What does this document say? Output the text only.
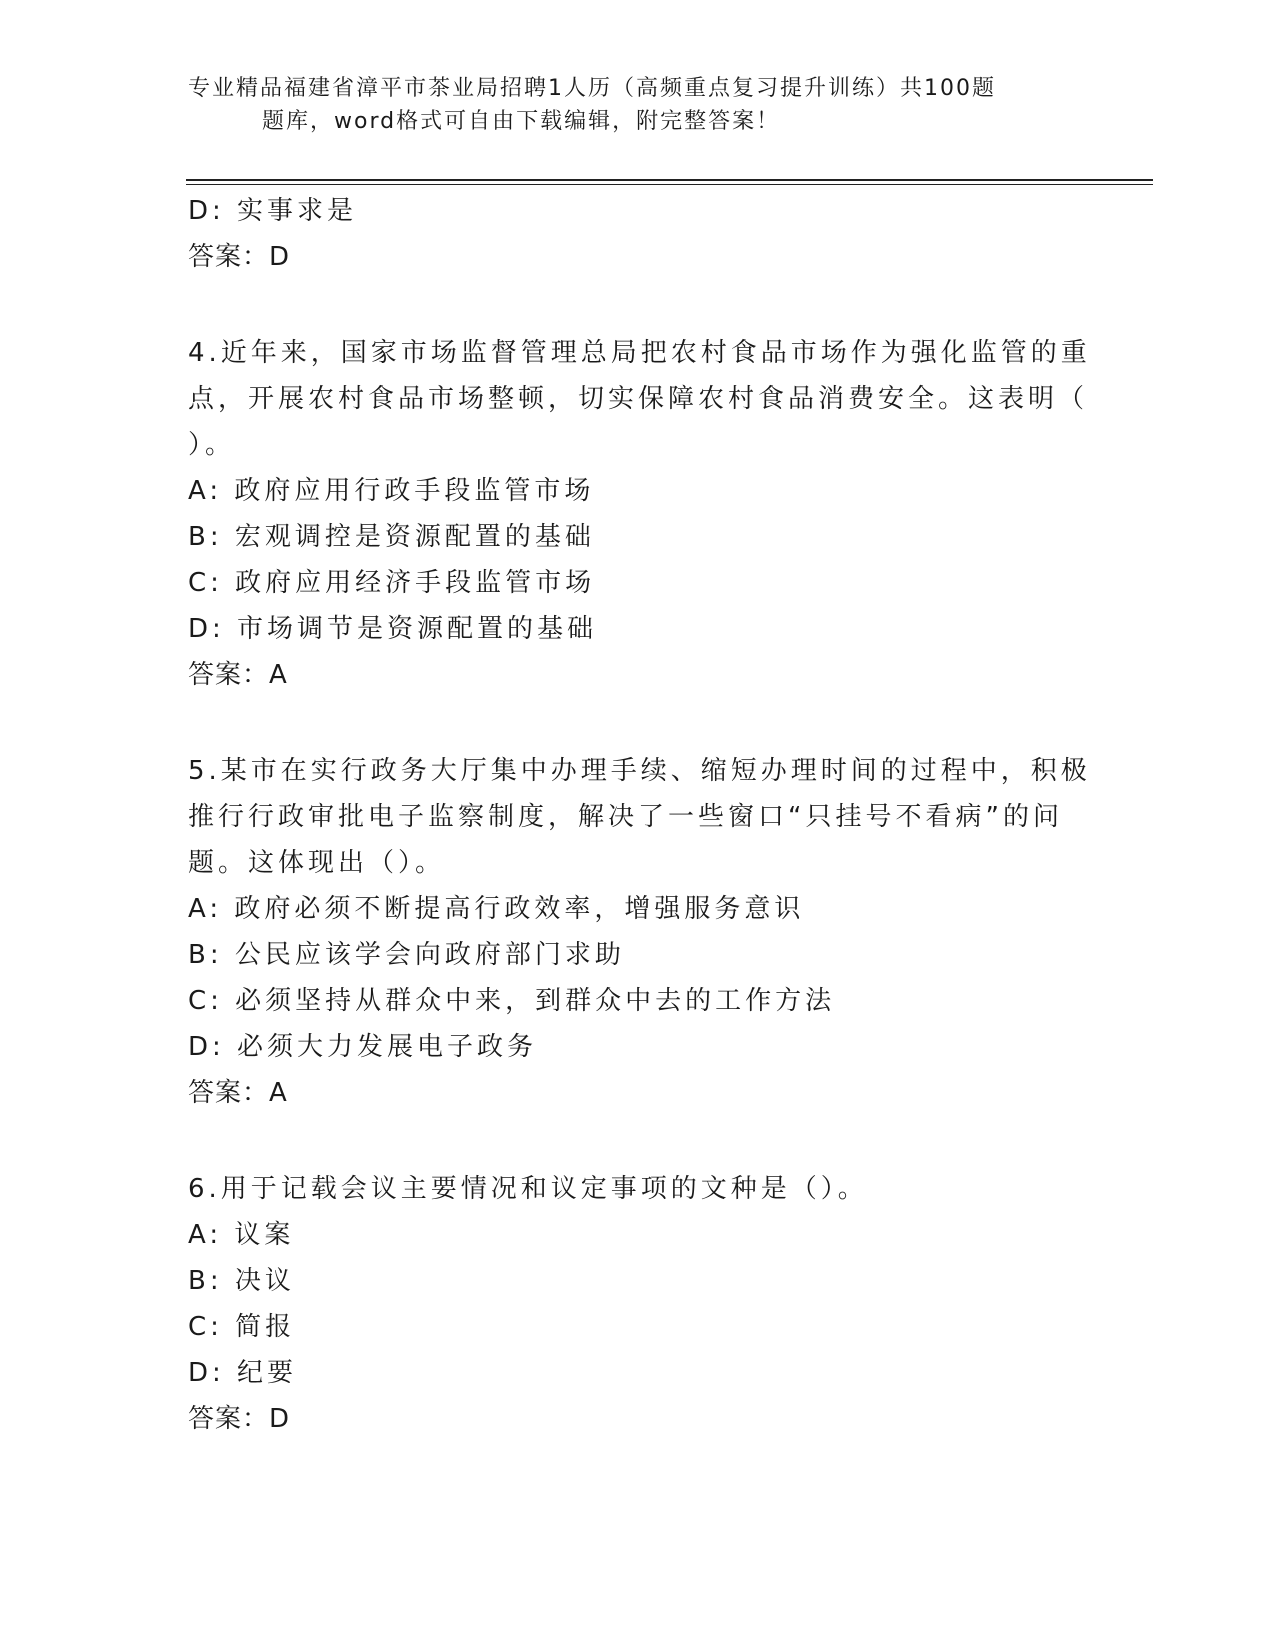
专业精品福建省漳平市茶业局招聘1人历（高频重点复习提升训练）共100题
题库，word格式可自由下载编辑，附完整答案！
D: 实事求是
答案：D
4.近年来，国家市场监督管理总局把农村食品市场作为强化监管的重
点，开展农村食品市场整顿，切实保障农村食品消费安全。这表明（
）。
A: 政府应用行政手段监管市场
B: 宏观调控是资源配置的基础
C: 政府应用经济手段监管市场
D: 市场调节是资源配置的基础
答案：A
5.某市在实行政务大厅集中办理手续、缩短办理时间的过程中，积极
推行行政审批电子监察制度，解决了一些窗口“只挂号不看病”的问
题。这体现出（）。
A: 政府必须不断提高行政效率，增强服务意识
B: 公民应该学会向政府部门求助
C: 必须坚持从群众中来，到群众中去的工作方法
D: 必须大力发展电子政务
答案：A
6.用于记载会议主要情况和议定事项的文种是（）。
A: 议案
B: 决议
C: 简报
D: 纪要
答案：D
